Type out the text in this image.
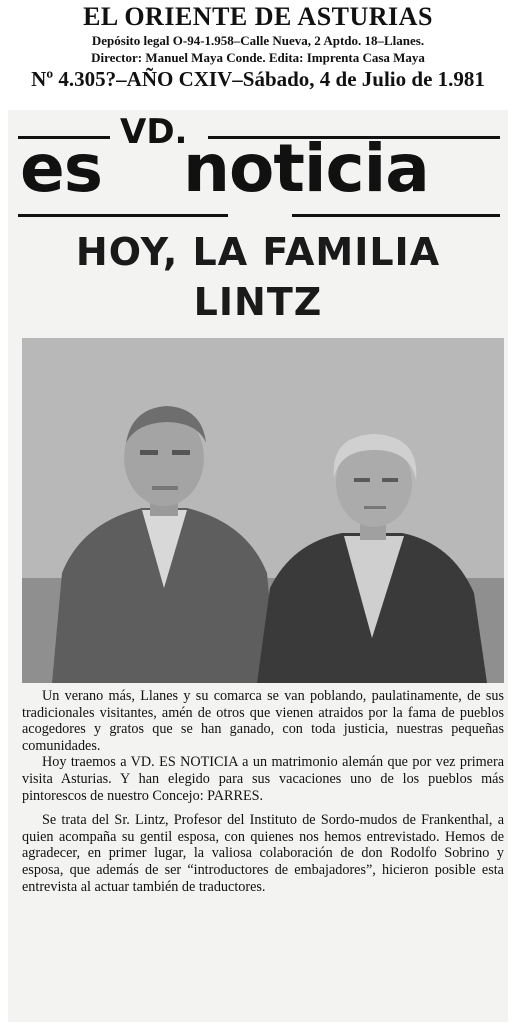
EL ORIENTE DE ASTURIAS

Depósito legal O-94-1.958–Calle Nueva, 2 Aptdo. 18–Llanes.

Director: Manuel Maya Conde. Edita: Imprenta Casa Maya

Nº 4.305?–AÑO CXIV–Sábado, 4 de Julio de 1.981

VD.
es noticia
HOY, LA FAMILIA
LINTZ

Un verano más, Llanes y su comarca se van poblando, paulatinamente, de sus tradicionales visitantes, amén de otros que vienen atraidos por la fama de pueblos acogedores y gratos que se han ganado, con toda justicia, nuestras pequeñas comunidades.

Hoy traemos a VD. ES NOTICIA a un matrimonio alemán que por vez primera visita Asturias. Y han elegido para sus vacaciones uno de los pueblos más pintorescos de nuestro Concejo: PARRES.

Se trata del Sr. Lintz, Profesor del Instituto de Sordo-mudos de Frankenthal, a quien acompaña su gentil esposa, con quienes nos hemos entrevistado. Hemos de agradecer, en primer lugar, la valiosa colaboración de don Rodolfo Sobrino y esposa, que además de ser “introductores de embajadores”, hicieron posible esta entrevista al actuar también de traductores.
